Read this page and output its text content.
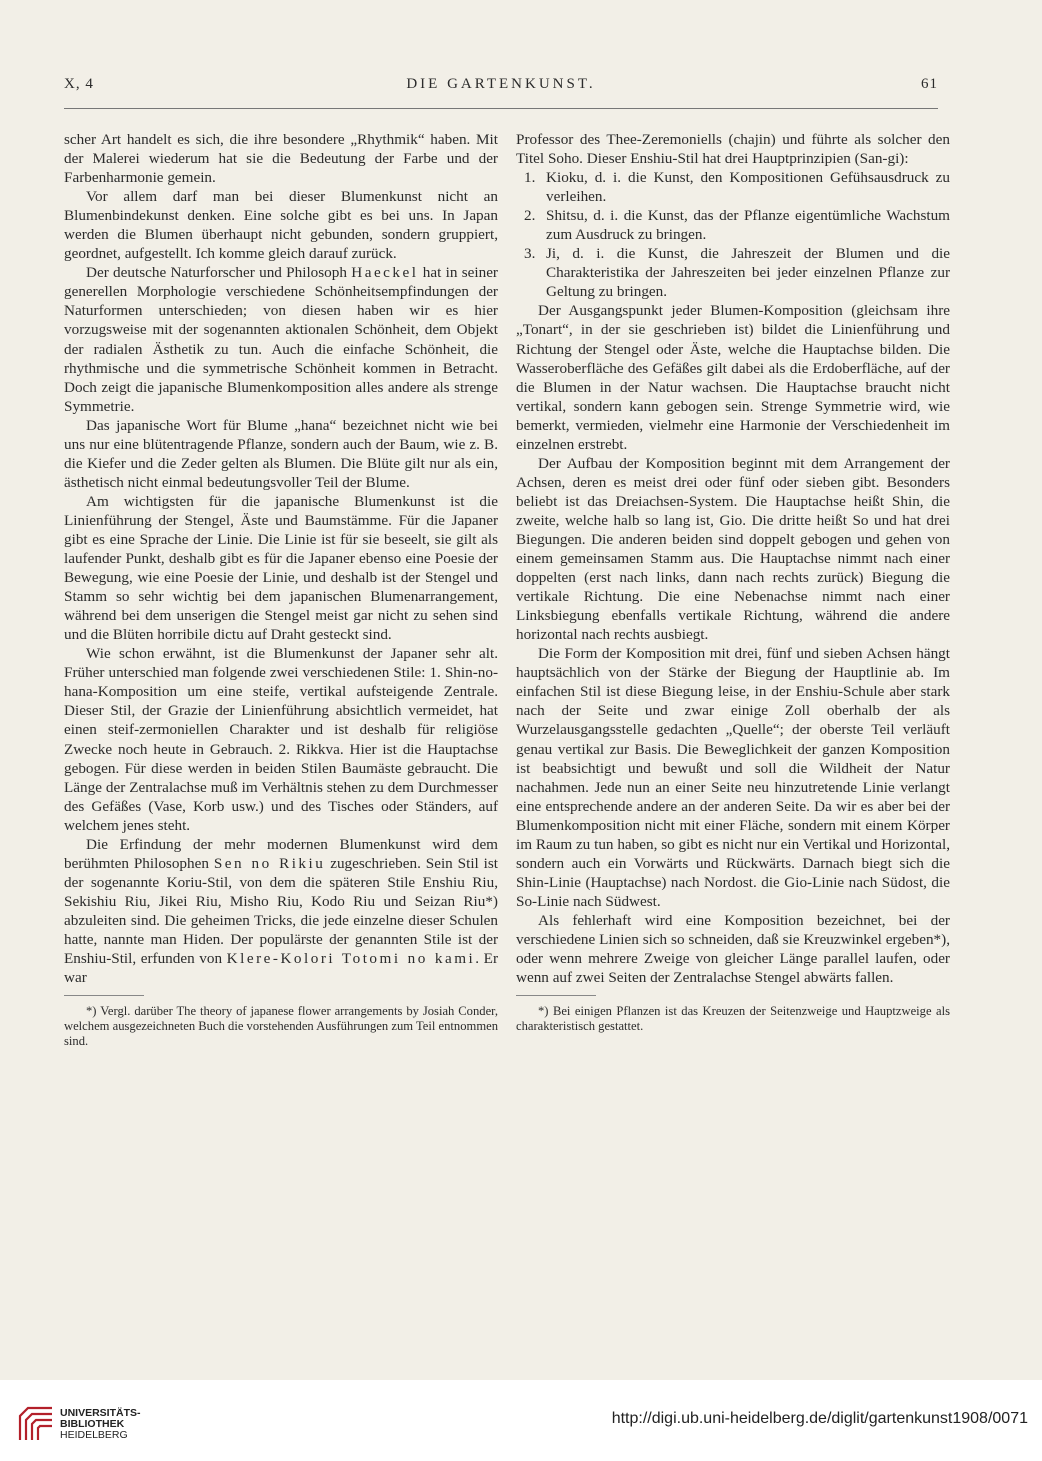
X, 4	DIE GARTENKUNST.	61

scher Art handelt es sich, die ihre besondere „Rhythmik“ haben. Mit der Malerei wiederum hat sie die Bedeutung der Farbe und der Farbenharmonie gemein.

Vor allem darf man bei dieser Blumenkunst nicht an Blumenbindekunst denken. Eine solche gibt es bei uns. In Japan werden die Blumen überhaupt nicht gebunden, sondern gruppiert, geordnet, aufgestellt. Ich komme gleich darauf zurück.

Der deutsche Naturforscher und Philosoph Haeckel hat in seiner generellen Morphologie verschiedene Schönheitsempfindungen der Naturformen unterschieden; von diesen haben wir es hier vorzugsweise mit der sogenannten aktionalen Schönheit, dem Objekt der radialen Ästhetik zu tun. Auch die einfache Schönheit, die rhythmische und die symmetrische Schönheit kommen in Betracht. Doch zeigt die japanische Blumenkomposition alles andere als strenge Symmetrie.

Das japanische Wort für Blume „hana“ bezeichnet nicht wie bei uns nur eine blütentragende Pflanze, sondern auch der Baum, wie z. B. die Kiefer und die Zeder gelten als Blumen. Die Blüte gilt nur als ein, ästhetisch nicht einmal bedeutungsvoller Teil der Blume.

Am wichtigsten für die japanische Blumenkunst ist die Linienführung der Stengel, Äste und Baumstämme. Für die Japaner gibt es eine Sprache der Linie. Die Linie ist für sie beseelt, sie gilt als laufender Punkt, deshalb gibt es für die Japaner ebenso eine Poesie der Bewegung, wie eine Poesie der Linie, und deshalb ist der Stengel und Stamm so sehr wichtig bei dem japanischen Blumenarrangement, während bei dem unserigen die Stengel meist gar nicht zu sehen sind und die Blüten horribile dictu auf Draht gesteckt sind.

Wie schon erwähnt, ist die Blumenkunst der Japaner sehr alt. Früher unterschied man folgende zwei verschiedenen Stile: 1. Shin-no-hana-Komposition um eine steife, vertikal aufsteigende Zentrale. Dieser Stil, der Grazie der Linienführung absichtlich vermeidet, hat einen steif-zermoniellen Charakter und ist deshalb für religiöse Zwecke noch heute in Gebrauch. 2. Rikkva. Hier ist die Hauptachse gebogen. Für diese werden in beiden Stilen Baumäste gebraucht. Die Länge der Zentralachse muß im Verhältnis stehen zu dem Durchmesser des Gefäßes (Vase, Korb usw.) und des Tisches oder Ständers, auf welchem jenes steht.

Die Erfindung der mehr modernen Blumenkunst wird dem berühmten Philosophen Sen no Rikiu zugeschrieben. Sein Stil ist der sogenannte Koriu-Stil, von dem die späteren Stile Enshiu Riu, Sekishiu Riu, Jikei Riu, Misho Riu, Kodo Riu und Seizan Riu*) abzuleiten sind. Die geheimen Tricks, die jede einzelne dieser Schulen hatte, nannte man Hiden. Der populärste der genannten Stile ist der Enshiu-Stil, erfunden von Klere-Kolori Totomi no kami. Er war

*) Vergl. darüber The theory of japanese flower arrangements by Josiah Conder, welchem ausgezeichneten Buch die vorstehenden Ausführungen zum Teil entnommen sind.

Professor des Thee-Zeremoniells (chajin) und führte als solcher den Titel Soho. Dieser Enshiu-Stil hat drei Hauptprinzipien (San-gi):

1. Kioku, d. i. die Kunst, den Kompositionen Gefühsausdruck zu verleihen.
2. Shitsu, d. i. die Kunst, das der Pflanze eigentümliche Wachstum zum Ausdruck zu bringen.
3. Ji, d. i. die Kunst, die Jahreszeit der Blumen und die Charakteristika der Jahreszeiten bei jeder einzelnen Pflanze zur Geltung zu bringen.

Der Ausgangspunkt jeder Blumen-Komposition (gleichsam ihre „Tonart“, in der sie geschrieben ist) bildet die Linienführung und Richtung der Stengel oder Äste, welche die Hauptachse bilden. Die Wasseroberfläche des Gefäßes gilt dabei als die Erdoberfläche, auf der die Blumen in der Natur wachsen. Die Hauptachse braucht nicht vertikal, sondern kann gebogen sein. Strenge Symmetrie wird, wie bemerkt, vermieden, vielmehr eine Harmonie der Verschiedenheit im einzelnen erstrebt.

Der Aufbau der Komposition beginnt mit dem Arrangement der Achsen, deren es meist drei oder fünf oder sieben gibt. Besonders beliebt ist das Dreiachsen-System. Die Hauptachse heißt Shin, die zweite, welche halb so lang ist, Gio. Die dritte heißt So und hat drei Biegungen. Die anderen beiden sind doppelt gebogen und gehen von einem gemeinsamen Stamm aus. Die Hauptachse nimmt nach einer doppelten (erst nach links, dann nach rechts zurück) Biegung die vertikale Richtung. Die eine Nebenachse nimmt nach einer Linksbiegung ebenfalls vertikale Richtung, während die andere horizontal nach rechts ausbiegt.

Die Form der Komposition mit drei, fünf und sieben Achsen hängt hauptsächlich von der Stärke der Biegung der Hauptlinie ab. Im einfachen Stil ist diese Biegung leise, in der Enshiu-Schule aber stark nach der Seite und zwar einige Zoll oberhalb der als Wurzelausgangsstelle gedachten „Quelle“; der oberste Teil verläuft genau vertikal zur Basis. Die Beweglichkeit der ganzen Komposition ist beabsichtigt und bewußt und soll die Wildheit der Natur nachahmen. Jede nun an einer Seite neu hinzutretende Linie verlangt eine entsprechende andere an der anderen Seite. Da wir es aber bei der Blumenkomposition nicht mit einer Fläche, sondern mit einem Körper im Raum zu tun haben, so gibt es nicht nur ein Vertikal und Horizontal, sondern auch ein Vorwärts und Rückwärts. Darnach biegt sich die Shin-Linie (Hauptachse) nach Nordost. die Gio-Linie nach Südost, die So-Linie nach Südwest.

Als fehlerhaft wird eine Komposition bezeichnet, bei der verschiedene Linien sich so schneiden, daß sie Kreuzwinkel ergeben*), oder wenn mehrere Zweige von gleicher Länge parallel laufen, oder wenn auf zwei Seiten der Zentralachse Stengel abwärts fallen.

*) Bei einigen Pflanzen ist das Kreuzen der Seitenzweige und Hauptzweige als charakteristisch gestattet.

UNIVERSITÄTS-
BIBLIOTHEK
HEIDELBERG
http://digi.ub.uni-heidelberg.de/diglit/gartenkunst1908/0071
